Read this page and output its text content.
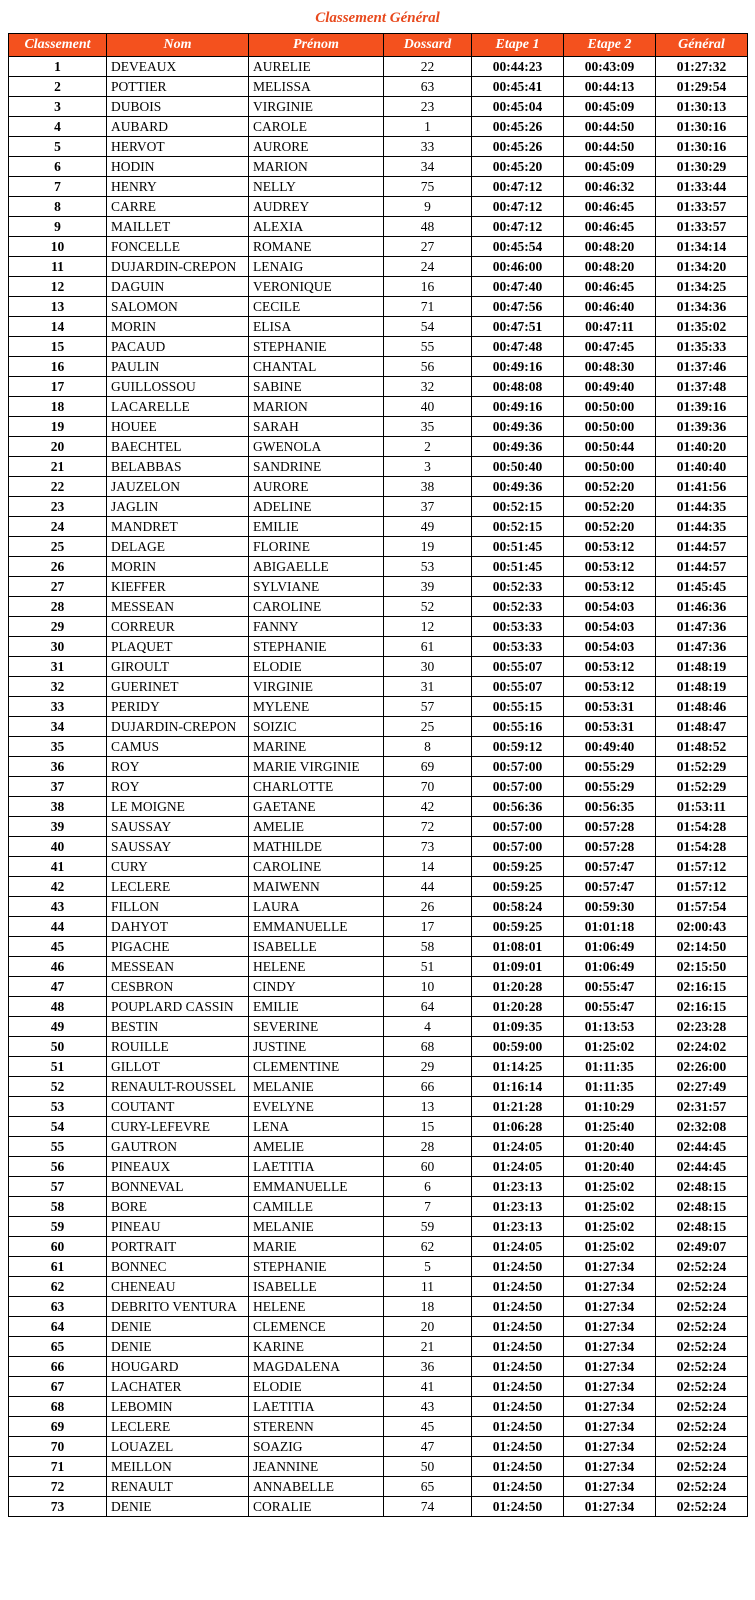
Classement Général
Classement	Nom	Prénom	Dossard	Etape 1	Etape 2	Général
1	DEVEAUX	AURELIE	22	00:44:23	00:43:09	01:27:32
2	POTTIER	MELISSA	63	00:45:41	00:44:13	01:29:54
3	DUBOIS	VIRGINIE	23	00:45:04	00:45:09	01:30:13
4	AUBARD	CAROLE	1	00:45:26	00:44:50	01:30:16
5	HERVOT	AURORE	33	00:45:26	00:44:50	01:30:16
6	HODIN	MARION	34	00:45:20	00:45:09	01:30:29
7	HENRY	NELLY	75	00:47:12	00:46:32	01:33:44
8	CARRE	AUDREY	9	00:47:12	00:46:45	01:33:57
9	MAILLET	ALEXIA	48	00:47:12	00:46:45	01:33:57
10	FONCELLE	ROMANE	27	00:45:54	00:48:20	01:34:14
11	DUJARDIN-CREPON	LENAIG	24	00:46:00	00:48:20	01:34:20
12	DAGUIN	VERONIQUE	16	00:47:40	00:46:45	01:34:25
13	SALOMON	CECILE	71	00:47:56	00:46:40	01:34:36
14	MORIN	ELISA	54	00:47:51	00:47:11	01:35:02
15	PACAUD	STEPHANIE	55	00:47:48	00:47:45	01:35:33
16	PAULIN	CHANTAL	56	00:49:16	00:48:30	01:37:46
17	GUILLOSSOU	SABINE	32	00:48:08	00:49:40	01:37:48
18	LACARELLE	MARION	40	00:49:16	00:50:00	01:39:16
19	HOUEE	SARAH	35	00:49:36	00:50:00	01:39:36
20	BAECHTEL	GWENOLA	2	00:49:36	00:50:44	01:40:20
21	BELABBAS	SANDRINE	3	00:50:40	00:50:00	01:40:40
22	JAUZELON	AURORE	38	00:49:36	00:52:20	01:41:56
23	JAGLIN	ADELINE	37	00:52:15	00:52:20	01:44:35
24	MANDRET	EMILIE	49	00:52:15	00:52:20	01:44:35
25	DELAGE	FLORINE	19	00:51:45	00:53:12	01:44:57
26	MORIN	ABIGAELLE	53	00:51:45	00:53:12	01:44:57
27	KIEFFER	SYLVIANE	39	00:52:33	00:53:12	01:45:45
28	MESSEAN	CAROLINE	52	00:52:33	00:54:03	01:46:36
29	CORREUR	FANNY	12	00:53:33	00:54:03	01:47:36
30	PLAQUET	STEPHANIE	61	00:53:33	00:54:03	01:47:36
31	GIROULT	ELODIE	30	00:55:07	00:53:12	01:48:19
32	GUERINET	VIRGINIE	31	00:55:07	00:53:12	01:48:19
33	PERIDY	MYLENE	57	00:55:15	00:53:31	01:48:46
34	DUJARDIN-CREPON	SOIZIC	25	00:55:16	00:53:31	01:48:47
35	CAMUS	MARINE	8	00:59:12	00:49:40	01:48:52
36	ROY	MARIE VIRGINIE	69	00:57:00	00:55:29	01:52:29
37	ROY	CHARLOTTE	70	00:57:00	00:55:29	01:52:29
38	LE MOIGNE	GAETANE	42	00:56:36	00:56:35	01:53:11
39	SAUSSAY	AMELIE	72	00:57:00	00:57:28	01:54:28
40	SAUSSAY	MATHILDE	73	00:57:00	00:57:28	01:54:28
41	CURY	CAROLINE	14	00:59:25	00:57:47	01:57:12
42	LECLERE	MAIWENN	44	00:59:25	00:57:47	01:57:12
43	FILLON	LAURA	26	00:58:24	00:59:30	01:57:54
44	DAHYOT	EMMANUELLE	17	00:59:25	01:01:18	02:00:43
45	PIGACHE	ISABELLE	58	01:08:01	01:06:49	02:14:50
46	MESSEAN	HELENE	51	01:09:01	01:06:49	02:15:50
47	CESBRON	CINDY	10	01:20:28	00:55:47	02:16:15
48	POUPLARD CASSIN	EMILIE	64	01:20:28	00:55:47	02:16:15
49	BESTIN	SEVERINE	4	01:09:35	01:13:53	02:23:28
50	ROUILLE	JUSTINE	68	00:59:00	01:25:02	02:24:02
51	GILLOT	CLEMENTINE	29	01:14:25	01:11:35	02:26:00
52	RENAULT-ROUSSEL	MELANIE	66	01:16:14	01:11:35	02:27:49
53	COUTANT	EVELYNE	13	01:21:28	01:10:29	02:31:57
54	CURY-LEFEVRE	LENA	15	01:06:28	01:25:40	02:32:08
55	GAUTRON	AMELIE	28	01:24:05	01:20:40	02:44:45
56	PINEAUX	LAETITIA	60	01:24:05	01:20:40	02:44:45
57	BONNEVAL	EMMANUELLE	6	01:23:13	01:25:02	02:48:15
58	BORE	CAMILLE	7	01:23:13	01:25:02	02:48:15
59	PINEAU	MELANIE	59	01:23:13	01:25:02	02:48:15
60	PORTRAIT	MARIE	62	01:24:05	01:25:02	02:49:07
61	BONNEC	STEPHANIE	5	01:24:50	01:27:34	02:52:24
62	CHENEAU	ISABELLE	11	01:24:50	01:27:34	02:52:24
63	DEBRITO VENTURA	HELENE	18	01:24:50	01:27:34	02:52:24
64	DENIE	CLEMENCE	20	01:24:50	01:27:34	02:52:24
65	DENIE	KARINE	21	01:24:50	01:27:34	02:52:24
66	HOUGARD	MAGDALENA	36	01:24:50	01:27:34	02:52:24
67	LACHATER	ELODIE	41	01:24:50	01:27:34	02:52:24
68	LEBOMIN	LAETITIA	43	01:24:50	01:27:34	02:52:24
69	LECLERE	STERENN	45	01:24:50	01:27:34	02:52:24
70	LOUAZEL	SOAZIG	47	01:24:50	01:27:34	02:52:24
71	MEILLON	JEANNINE	50	01:24:50	01:27:34	02:52:24
72	RENAULT	ANNABELLE	65	01:24:50	01:27:34	02:52:24
73	DENIE	CORALIE	74	01:24:50	01:27:34	02:52:24
